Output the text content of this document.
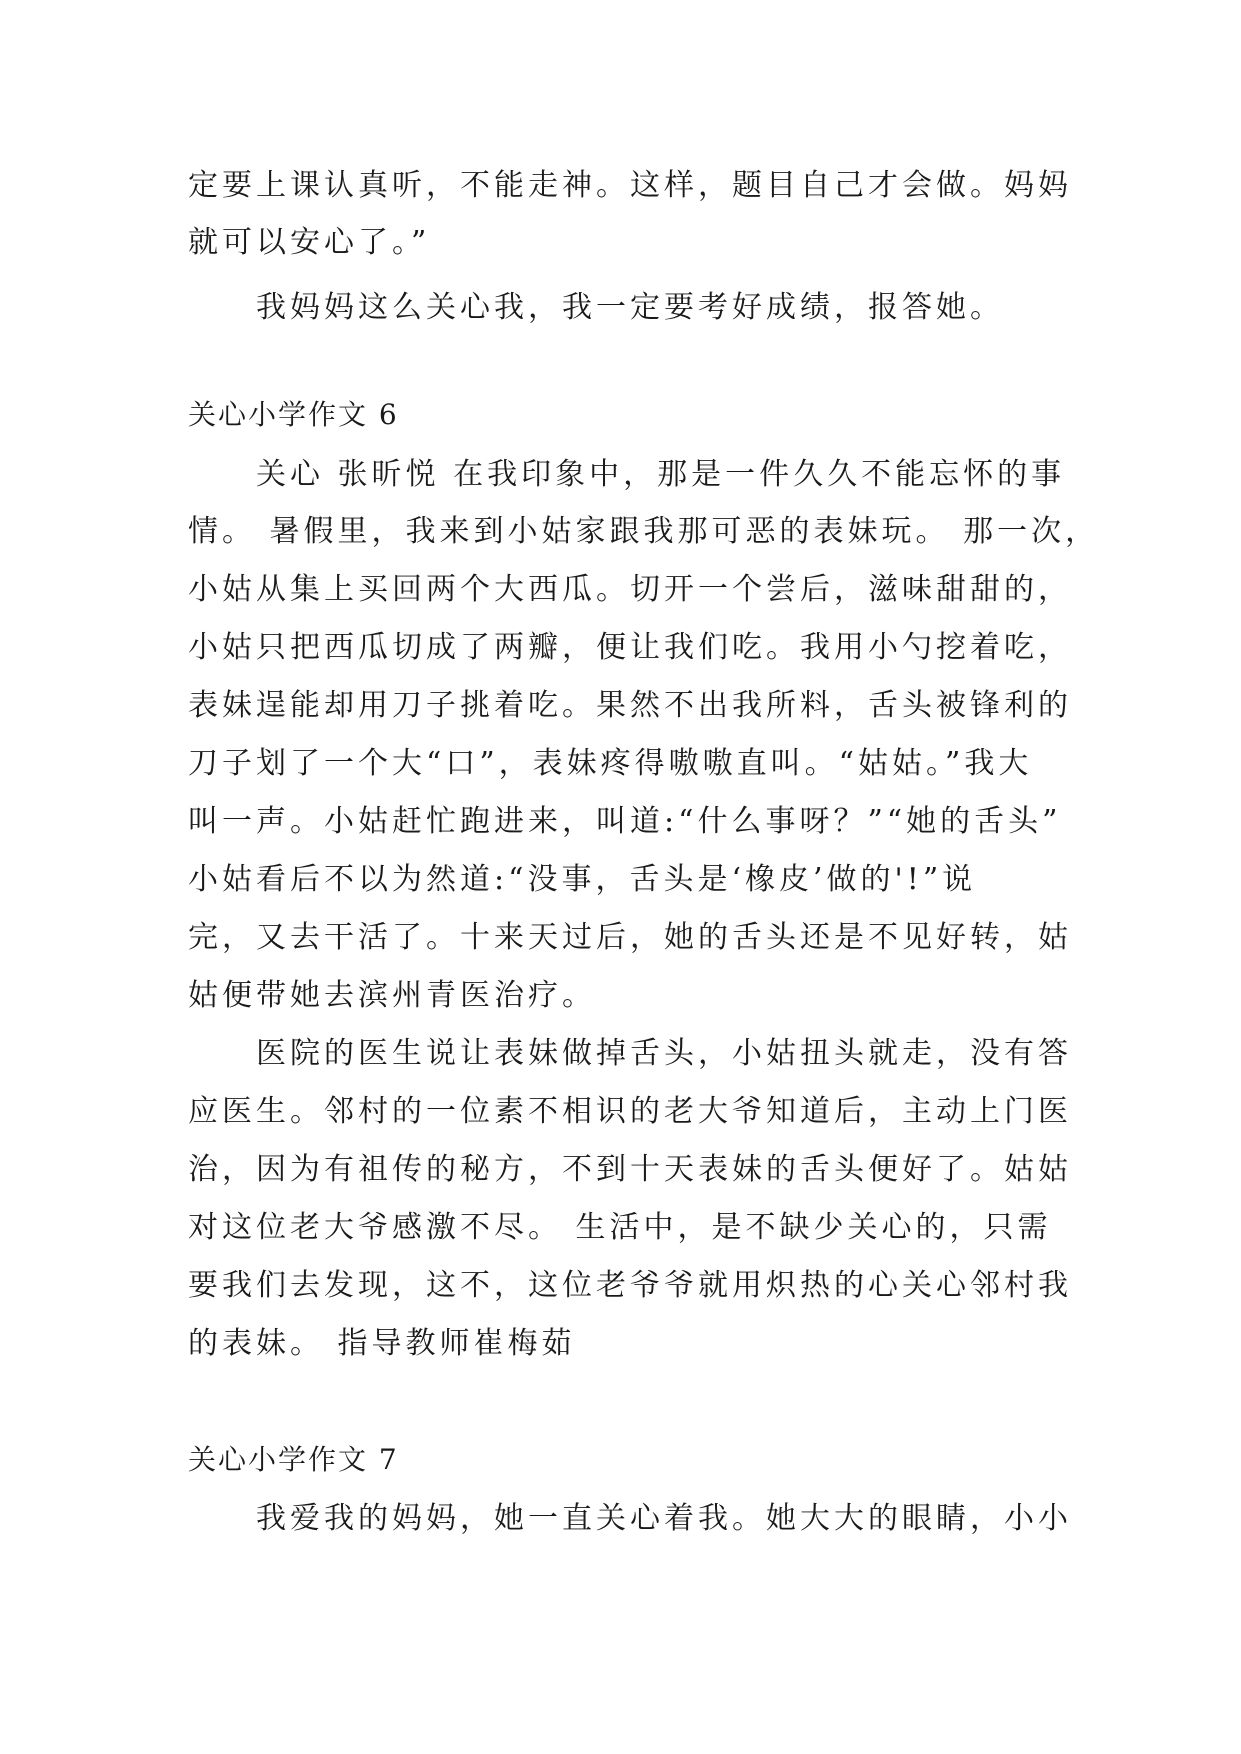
定要上课认真听，不能走神。这样，题目自己才会做。妈妈
就可以安心了。”
我妈妈这么关心我，我一定要考好成绩，报答她。
关心小学作文 6
关心 张昕悦 在我印象中，那是一件久久不能忘怀的事
情。 暑假里，我来到小姑家跟我那可恶的表妹玩。 那一次，
小姑从集上买回两个大西瓜。切开一个尝后，滋味甜甜的，
小姑只把西瓜切成了两瓣，便让我们吃。我用小勺挖着吃，
表妹逞能却用刀子挑着吃。果然不出我所料，舌头被锋利的
刀子划了一个大“口”，表妹疼得嗷嗷直叫。“姑姑。”我大
叫一声。小姑赶忙跑进来，叫道:“什么事呀？”“她的舌头”
小姑看后不以为然道:“没事，舌头是‘橡皮’做的'!”说
完，又去干活了。十来天过后，她的舌头还是不见好转，姑
姑便带她去滨州青医治疗。
医院的医生说让表妹做掉舌头，小姑扭头就走，没有答
应医生。邻村的一位素不相识的老大爷知道后，主动上门医
治，因为有祖传的秘方，不到十天表妹的舌头便好了。姑姑
对这位老大爷感激不尽。 生活中，是不缺少关心的，只需
要我们去发现，这不，这位老爷爷就用炽热的心关心邻村我
的表妹。 指导教师崔梅茹
关心小学作文 7
我爱我的妈妈，她一直关心着我。她大大的眼睛，小小
